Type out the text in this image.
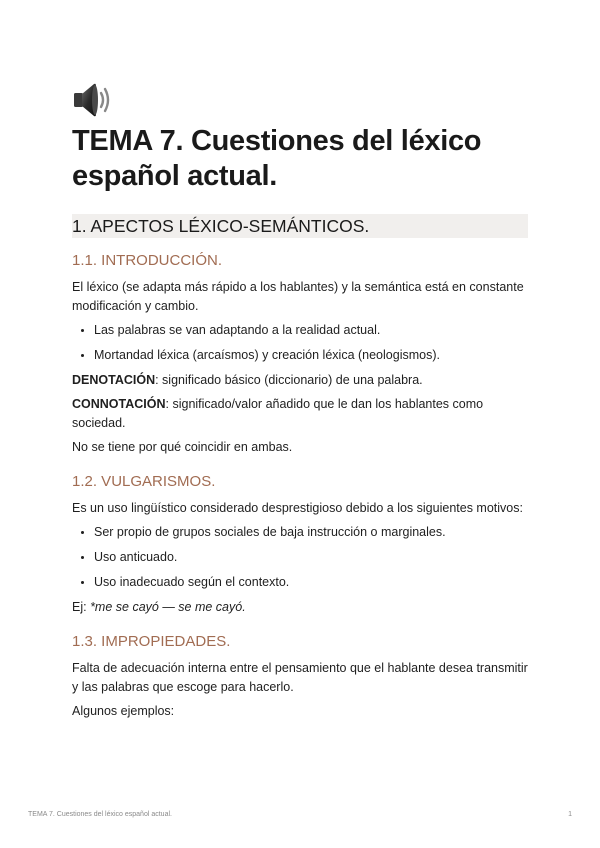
TEMA 7. Cuestiones del léxico español actual.
1. APECTOS LÉXICO-SEMÁNTICOS.
1.1. INTRODUCCIÓN.

El léxico (se adapta más rápido a los hablantes) y la semántica está en constante modificación y cambio.

• Las palabras se van adaptando a la realidad actual.
• Mortandad léxica (arcaísmos) y creación léxica (neologismos).

DENOTACIÓN: significado básico (diccionario) de una palabra.

CONNOTACIÓN: significado/valor añadido que le dan los hablantes como sociedad.

No se tiene por qué coincidir en ambas.

1.2. VULGARISMOS.

Es un uso lingüístico considerado desprestigioso debido a los siguientes motivos:

• Ser propio de grupos sociales de baja instrucción o marginales.
• Uso anticuado.
• Uso inadecuado según el contexto.

Ej: *me se cayó — se me cayó.

1.3. IMPROPIEDADES.

Falta de adecuación interna entre el pensamiento que el hablante desea transmitir y las palabras que escoge para hacerlo.

Algunos ejemplos:

TEMA 7. Cuestiones del léxico español actual.	1
